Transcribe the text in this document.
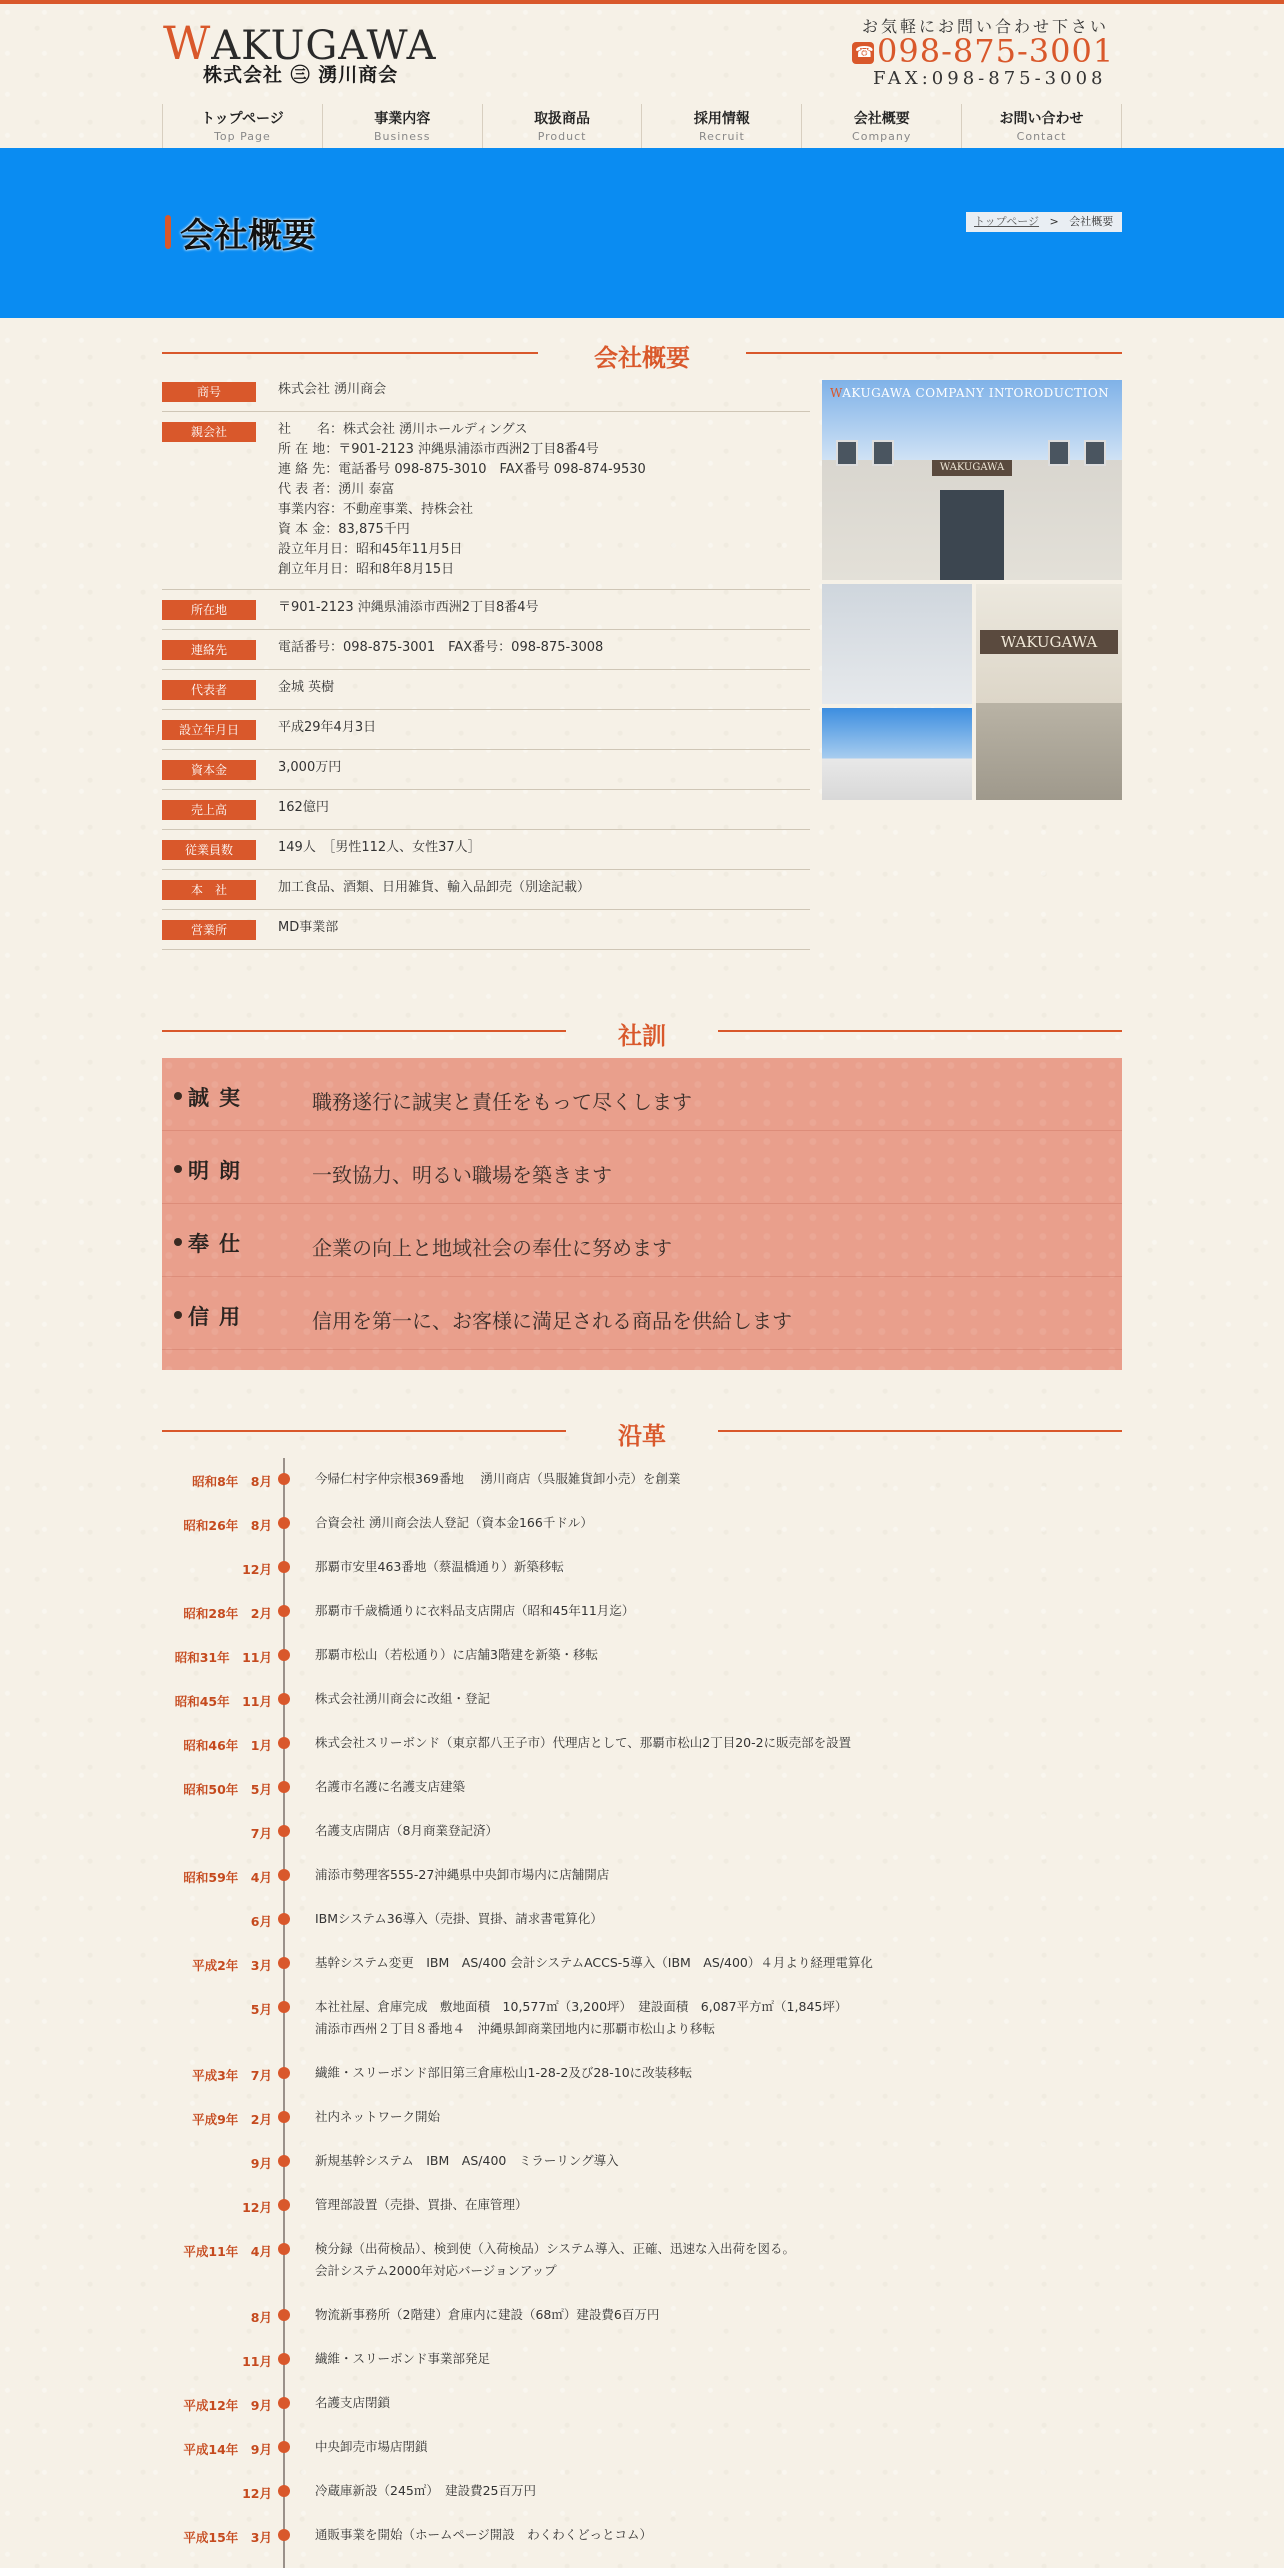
WAKUGAWA
株式会社 ㊂ 湧川商会
お気軽にお問い合わせ下さい
☎
098-875-3001
FAX:098-875-3008
トップページ
Top Page
事業内容
Business
取扱商品
Product
採用情報
Recruit
会社概要
Company
お問い合わせ
Contact
会社概要	トップページ > 会社概要
会社概要
商号	株式会社 湧川商会
親会社	社　　名：株式会社 湧川ホールディングス
所 在 地：〒901-2123 沖縄県浦添市西洲2丁目8番4号
連 絡 先：電話番号 098-875-3010　FAX番号 098-874-9530
代 表 者：湧川 泰富
事業内容：不動産事業、持株会社
資 本 金：83,875千円
設立年月日：昭和45年11月5日
創立年月日：昭和8年8月15日
所在地	〒901-2123 沖縄県浦添市西洲2丁目8番4号
連絡先	電話番号：098-875-3001　FAX番号：098-875-3008
代表者	金城 英樹
設立年月日	平成29年4月3日
資本金	3,000万円
売上高	162億円
従業員数	149人　［男性112人、女性37人］
本　社	加工食品、酒類、日用雑貨、輸入品卸売（別途記載）
営業所	MD事業部
WAKUGAWA COMPANY INTORODUCTION
WAKUGAWA
WAKUGAWA
社訓
誠実	職務遂行に誠実と責任をもって尽くします
明朗	一致協力、明るい職場を築きます
奉仕	企業の向上と地域社会の奉仕に努めます
信用	信用を第一に、お客様に満足される商品を供給します
沿革
昭和8年　8月	今帰仁村字仲宗根369番地　 湧川商店（呉服雑貨卸小売）を創業
昭和26年　8月	合資会社 湧川商会法人登記（資本金166千ドル）
12月	那覇市安里463番地（蔡温橋通り）新築移転
昭和28年　2月	那覇市千歳橋通りに衣料品支店開店（昭和45年11月迄）
昭和31年　11月	那覇市松山（若松通り）に店舗3階建を新築・移転
昭和45年　11月	株式会社湧川商会に改組・登記
昭和46年　1月	株式会社スリーボンド（東京都八王子市）代理店として、那覇市松山2丁目20-2に販売部を設置
昭和50年　5月	名護市名護に名護支店建築
7月	名護支店開店（8月商業登記済）
昭和59年　4月	浦添市勢理客555-27沖縄県中央卸市場内に店舗開店
6月	IBMシステム36導入（売掛、買掛、請求書電算化）
平成2年　3月	基幹システム変更　IBM　AS/400 会計システムACCS-5導入（IBM　AS/400）４月より経理電算化
5月	本社社屋、倉庫完成　敷地面積　10,577㎡（3,200坪）　建設面積　6,087平方㎡（1,845坪）
浦添市西州２丁目８番地４　沖縄県卸商業団地内に那覇市松山より移転
平成3年　7月	繊維・スリーボンド部旧第三倉庫松山1-28-2及び28-10に改装移転
平成9年　2月	社内ネットワーク開始
9月	新規基幹システム　IBM　AS/400　ミラーリング導入
12月	管理部設置（売掛、買掛、在庫管理）
平成11年　4月	検分録（出荷検品）、検到使（入荷検品）システム導入、正確、迅速な入出荷を図る。
会計システム2000年対応バージョンアップ
8月	物流新事務所（2階建）倉庫内に建設（68㎡）建設費6百万円
11月	繊維・スリーボンド事業部発足
平成12年　9月	名護支店閉鎖
平成14年　9月	中央卸売市場店閉鎖
12月	冷蔵庫新設（245㎡）　建設費25百万円
平成15年　3月	通販事業を開始（ホームページ開設　わくわくどっとコム）
